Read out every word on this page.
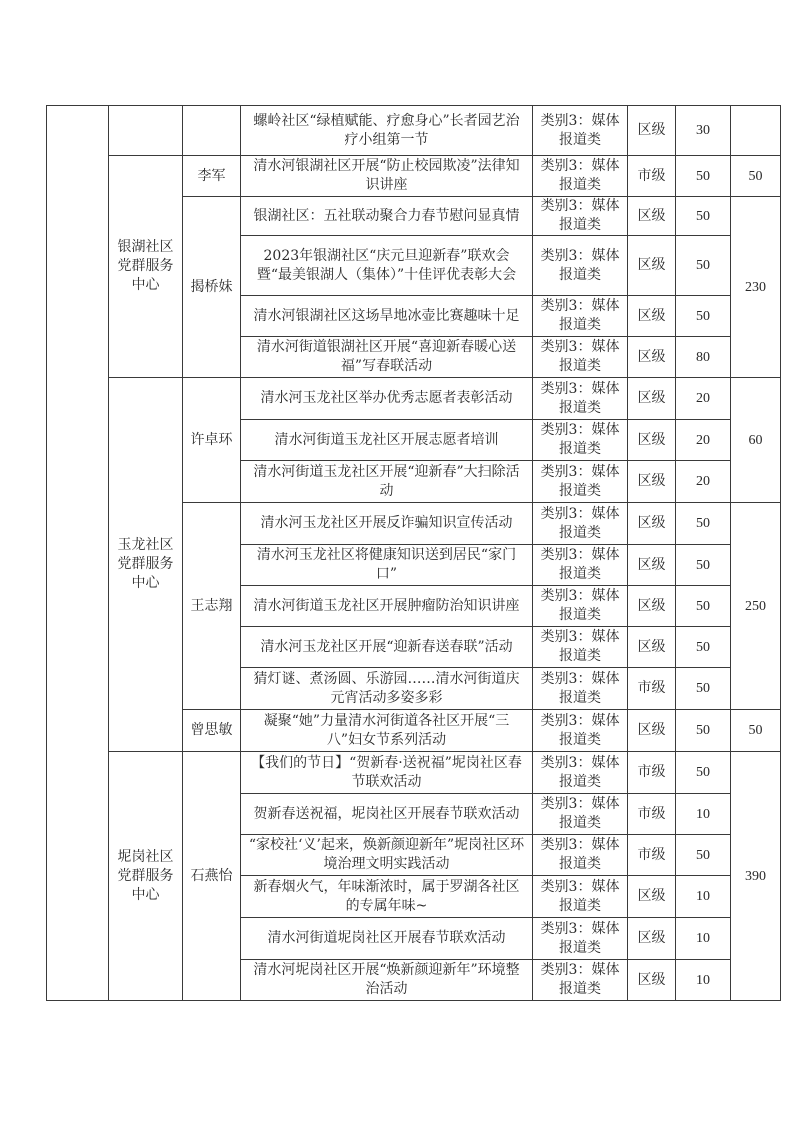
			螺岭社区“绿植赋能、疗愈身心”长者园艺治疗小组第一节	类别3：媒体报道类	区级	30	
	银湖社区党群服务中心	李军	清水河银湖社区开展“防止校园欺凌”法律知识讲座	类别3：媒体报道类	市级	50	50
		揭桥妹	银湖社区：五社联动聚合力春节慰问显真情	类别3：媒体报道类	区级	50	230
			2023年银湖社区“庆元旦迎新春”联欢会暨“最美银湖人（集体）”十佳评优表彰大会	类别3：媒体报道类	区级	50	
			清水河银湖社区这场旱地冰壶比赛趣味十足	类别3：媒体报道类	区级	50	
			清水河街道银湖社区开展“喜迎新春暖心送福”写春联活动	类别3：媒体报道类	区级	80	
	玉龙社区党群服务中心	许卓环	清水河玉龙社区举办优秀志愿者表彰活动	类别3：媒体报道类	区级	20	60
			清水河街道玉龙社区开展志愿者培训	类别3：媒体报道类	区级	20	
			清水河街道玉龙社区开展“迎新春”大扫除活动	类别3：媒体报道类	区级	20	
		王志翔	清水河玉龙社区开展反诈骗知识宣传活动	类别3：媒体报道类	区级	50	250
			清水河玉龙社区将健康知识送到居民“家门口”	类别3：媒体报道类	区级	50	
			清水河街道玉龙社区开展肿瘤防治知识讲座	类别3：媒体报道类	区级	50	
			清水河玉龙社区开展“迎新春送春联”活动	类别3：媒体报道类	区级	50	
			猜灯谜、煮汤圆、乐游园……清水河街道庆元宵活动多姿多彩	类别3：媒体报道类	市级	50	
		曾思敏	凝聚“她”力量清水河街道各社区开展“三八”妇女节系列活动	类别3：媒体报道类	区级	50	50
	坭岗社区党群服务中心	石燕怡	【我们的节日】“贺新春·送祝福”坭岗社区春节联欢活动	类别3：媒体报道类	市级	50	390
			贺新春送祝福，坭岗社区开展春节联欢活动	类别3：媒体报道类	市级	10	
			“家校社‘义’起来，焕新颜迎新年”坭岗社区环境治理文明实践活动	类别3：媒体报道类	市级	50	
			新春烟火气，年味渐浓时，属于罗湖各社区的专属年味~	类别3：媒体报道类	区级	10	
			清水河街道坭岗社区开展春节联欢活动	类别3：媒体报道类	区级	10	
			清水河坭岗社区开展“焕新颜迎新年”环境整治活动	类别3：媒体报道类	区级	10	
